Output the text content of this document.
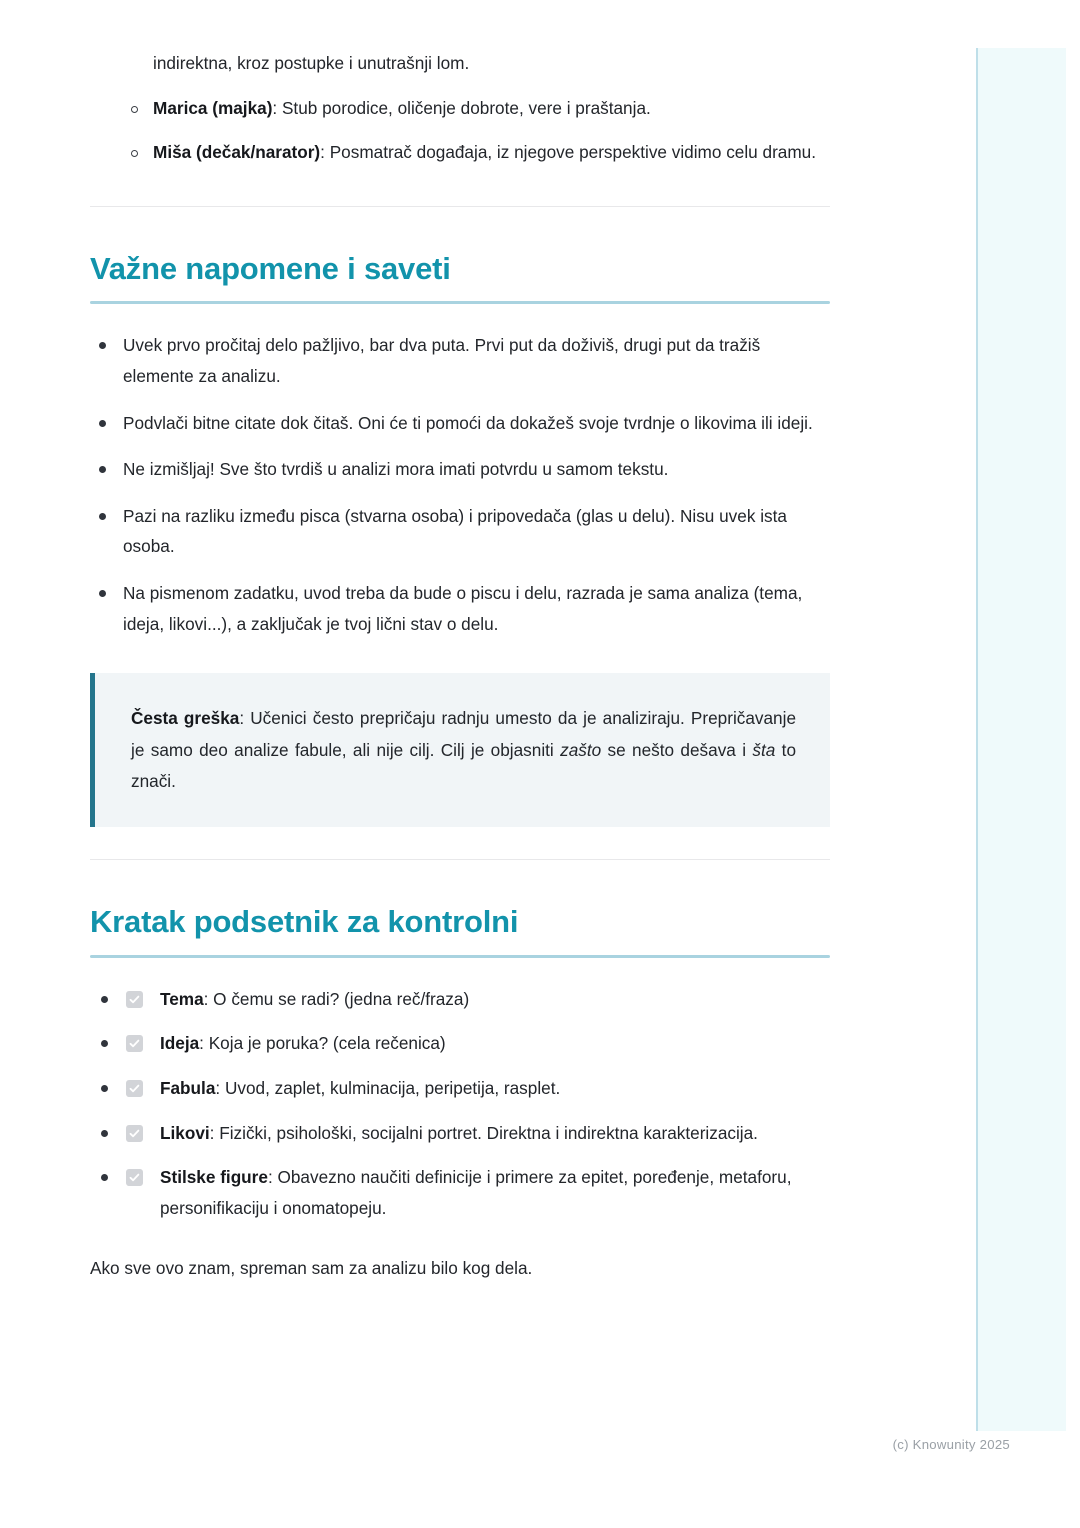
indirektna, kroz postupke i unutrašnji lom.

Marica (majka): Stub porodice, oličenje dobrote, vere i praštanja.
Miša (dečak/narator): Posmatrač događaja, iz njegove perspektive vidimo celu dramu.
Važne napomene i saveti
Uvek prvo pročitaj delo pažljivo, bar dva puta. Prvi put da doživiš, drugi put da tražiš elemente za analizu.
Podvlači bitne citate dok čitaš. Oni će ti pomoći da dokažeš svoje tvrdnje o likovima ili ideji.
Ne izmišljaj! Sve što tvrdiš u analizi mora imati potvrdu u samom tekstu.
Pazi na razliku između pisca (stvarna osoba) i pripovedača (glas u delu). Nisu uvek ista osoba.
Na pismenom zadatku, uvod treba da bude o piscu i delu, razrada je sama analiza (tema, ideja, likovi...), a zaključak je tvoj lični stav o delu.

Česta greška: Učenici često prepričaju radnju umesto da je analiziraju. Prepričavanje je samo deo analize fabule, ali nije cilj. Cilj je objasniti zašto se nešto dešava i šta to znači.

Kratak podsetnik za kontrolni
Tema: O čemu se radi? (jedna reč/fraza)
Ideja: Koja je poruka? (cela rečenica)
Fabula: Uvod, zaplet, kulminacija, peripetija, rasplet.
Likovi: Fizički, psihološki, socijalni portret. Direktna i indirektna karakterizacija.
Stilske figure: Obavezno naučiti definicije i primere za epitet, poređenje, metaforu, personifikaciju i onomatopeju.

Ako sve ovo znam, spreman sam za analizu bilo kog dela.

(c) Knowunity 2025
